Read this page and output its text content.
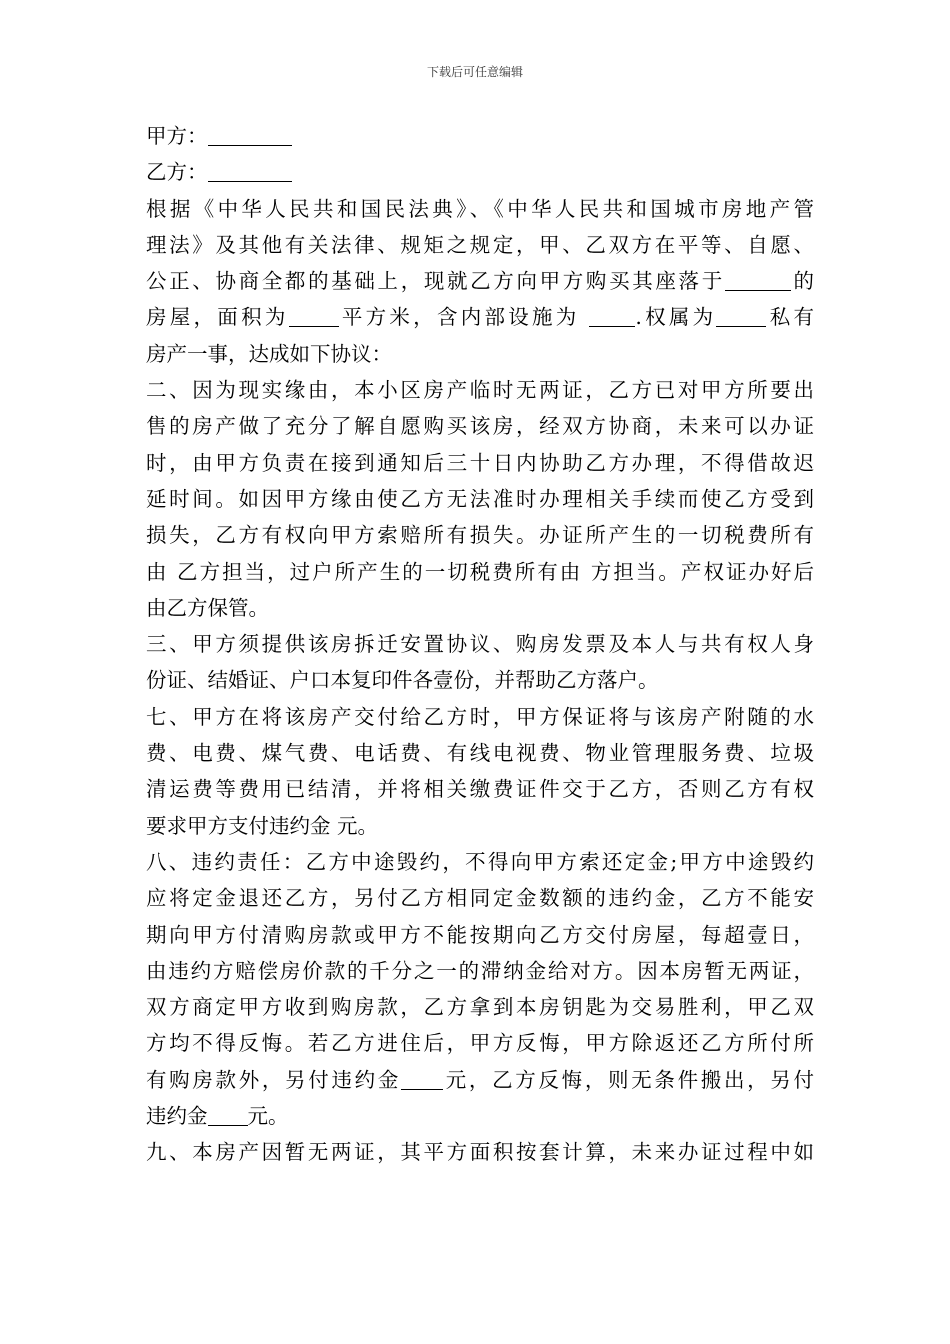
下载后可任意编辑
甲方：
乙方：
根据《中华人民共和国民法典》、《中华人民共和国城市房地产管
理法》及其他有关法律、规矩之规定，甲、乙双方在平等、自愿、
公正、协商全都的基础上，现就乙方向甲方购买其座落于	的
房屋，面积为 平方米，含内部设施为 .权属为 私有
房产一事，达成如下协议：
二、因为现实缘由，本小区房产临时无两证，乙方已对甲方所要出
售的房产做了充分了解自愿购买该房，经双方协商，未来可以办证
时，由甲方负责在接到通知后三十日内协助乙方办理，不得借故迟
延时间。如因甲方缘由使乙方无法准时办理相关手续而使乙方受到
损失，乙方有权向甲方索赔所有损失。办证所产生的一切税费所有
由 乙方担当，过户所产生的一切税费所有由 方担当。产权证办好后
由乙方保管。
三、甲方须提供该房拆迁安置协议、购房发票及本人与共有权人身
份证、结婚证、户口本复印件各壹份，并帮助乙方落户。
七、甲方在将该房产交付给乙方时，甲方保证将与该房产附随的水
费、电费、煤气费、电话费、有线电视费、物业管理服务费、垃圾
清运费等费用已结清，并将相关缴费证件交于乙方，否则乙方有权
要求甲方支付违约金 元。
八、违约责任：乙方中途毁约，不得向甲方索还定金;甲方中途毁约
应将定金退还乙方，另付乙方相同定金数额的违约金，乙方不能安
期向甲方付清购房款或甲方不能按期向乙方交付房屋，每超壹日，
由违约方赔偿房价款的千分之一的滞纳金给对方。因本房暂无两证，
双方商定甲方收到购房款，乙方拿到本房钥匙为交易胜利，甲乙双
方均不得反悔。若乙方进住后，甲方反悔，甲方除返还乙方所付所
有购房款外，另付违约金 元，乙方反悔，则无条件搬出，另付
违约金 元。
九、本房产因暂无两证，其平方面积按套计算，未来办证过程中如
